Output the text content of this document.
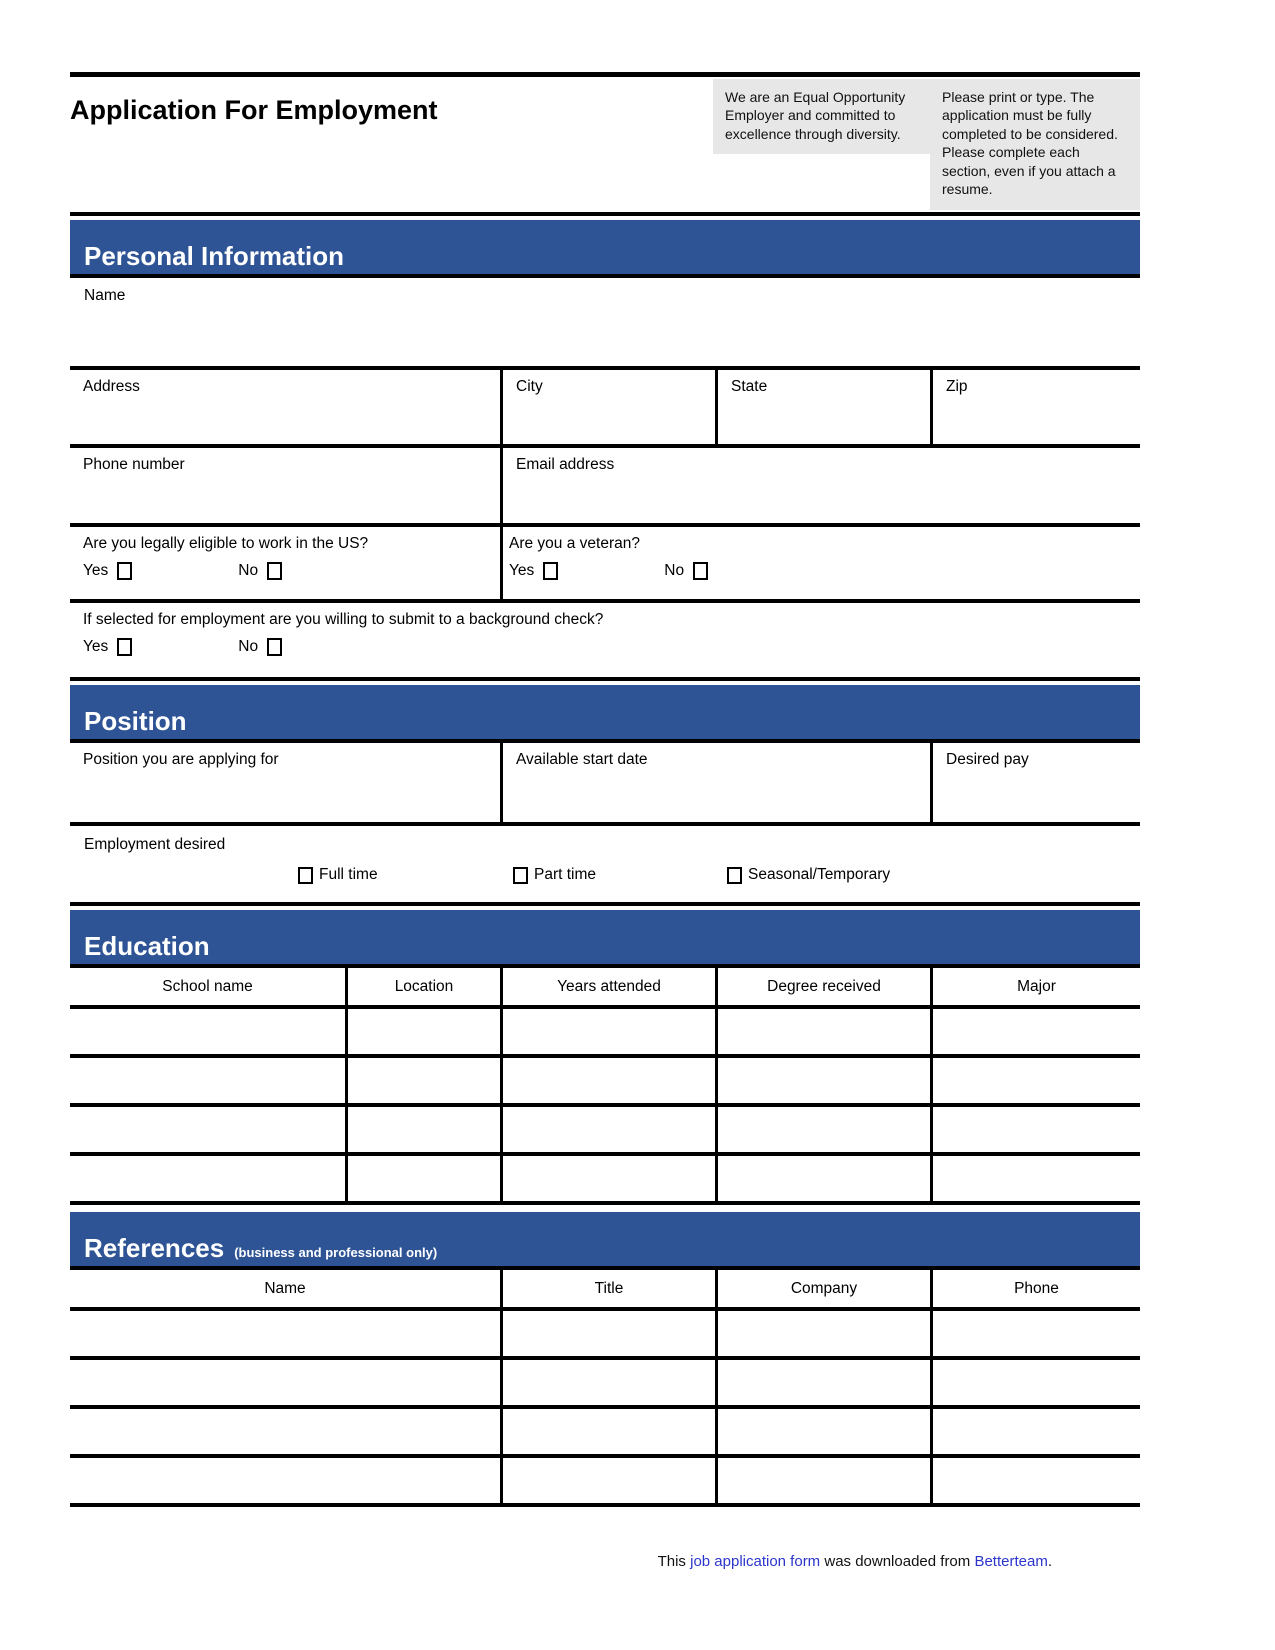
Application For Employment	We are an Equal Opportunity Employer and committed to excellence through diversity.
Please print or type. The application must be fully completed to be considered. Please complete each section, even if you attach a resume.
Personal Information
Name
Address	City	State	Zip
Phone number	Email address
Are you legally eligible to work in the US?
Yes	No
Are you a veteran?
Yes	No
If selected for employment are you willing to submit to a background check?
Yes	No
Position
Position you are applying for	Available start date	Desired pay
Employment desired
Full time	Part time	Seasonal/Temporary
Education
School name	Location	Years attended	Degree received	Major
References (business and professional only)
Name	Title	Company	Phone
This job application form was downloaded from Betterteam.
